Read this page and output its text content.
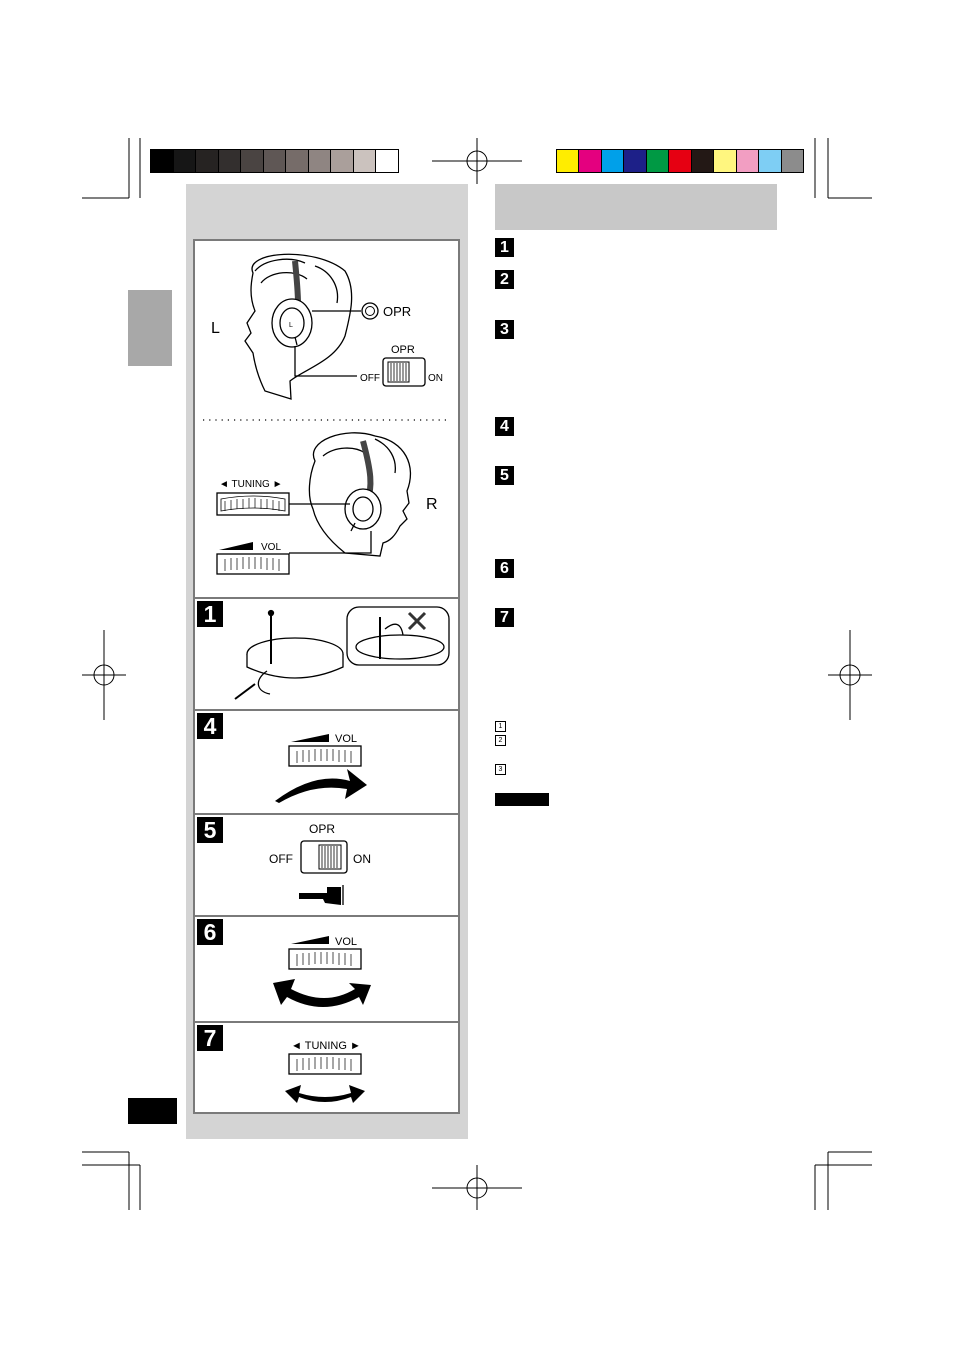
L
L
OPR
OPR
OFF	ON
R
◄ TUNING ►
VOL
1
4
VOL
5	OPR
OFF	ON
6	VOL
7	◄ TUNING ►
1
2
3
4
5
6
7
1
2
3
